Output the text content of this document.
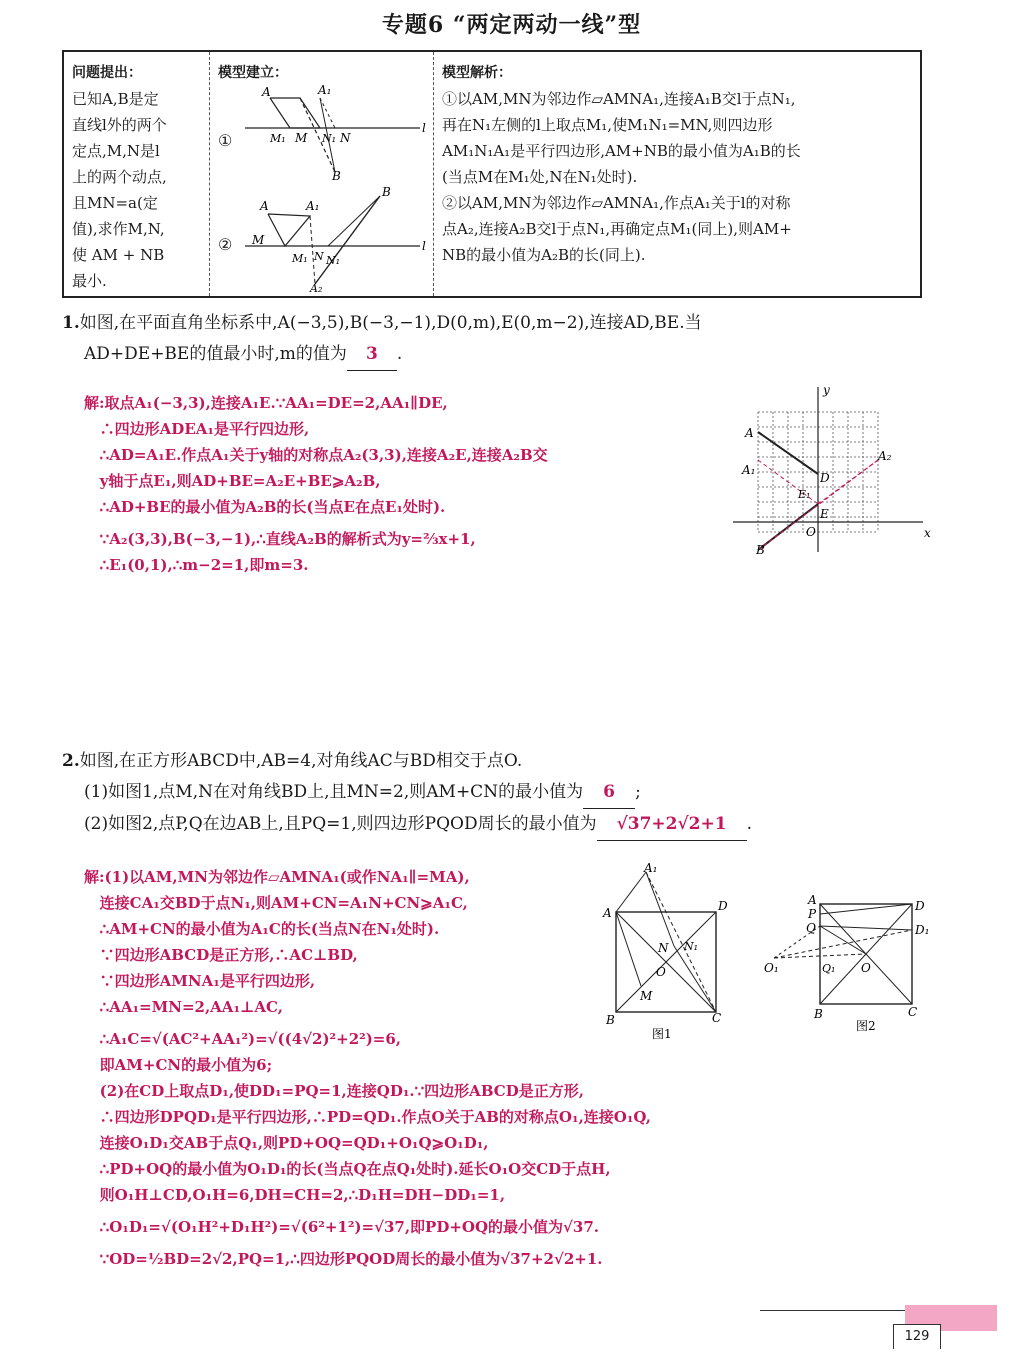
专题6 “两定两动一线”型
问题提出：
已知A,B是定
直线l外的两个
定点,M,N是l
上的两个动点,
且MN=a(定
值),求作M,N,
使 AM + NB
最小.
模型建立：
①
②
A	A₁
M₁ M N₁ N
l
B
A	A₁
B
M
M₁ N N₁
l
A₂
模型解析：
①以AM,MN为邻边作▱AMNA₁,连接A₁B交l于点N₁,
再在N₁左侧的l上取点M₁,使M₁N₁=MN,则四边形
AM₁N₁A₁是平行四边形,AM+NB的最小值为A₁B的长
(当点M在M₁处,N在N₁处时).
②以AM,MN为邻边作▱AMNA₁,作点A₁关于l的对称
点A₂,连接A₂B交l于点N₁,再确定点M₁(同上),则AM+
NB的最小值为A₂B的长(同上).
1.如图,在平面直角坐标系中,A(−3,5),B(−3,−1),D(0,m),E(0,m−2),连接AD,BE.当
AD+DE+BE的值最小时,m的值为 3 .
解:取点A₁(−3,3),连接A₁E.∵AA₁=DE=2,AA₁∥DE,
∴四边形ADEA₁是平行四边形,
∴AD=A₁E.作点A₁关于y轴的对称点A₂(3,3),连接A₂E,连接A₂B交
y轴于点E₁,则AD+BE=A₂E+BE⩾A₂B,
∴AD+BE的最小值为A₂B的长(当点E在点E₁处时).
∵A₂(3,3),B(−3,−1),∴直线A₂B的解析式为y=⅔x+1,
∴E₁(0,1),∴m−2=1,即m=3.
y
A
A₁
D
A₂
E₁
E
O	x
B
2.如图,在正方形ABCD中,AB=4,对角线AC与BD相交于点O.
(1)如图1,点M,N在对角线BD上,且MN=2,则AM+CN的最小值为 6 ;
(2)如图2,点P,Q在边AB上,且PQ=1,则四边形PQOD周长的最小值为 √37+2√2+1 .
解:(1)以AM,MN为邻边作▱AMNA₁(或作NA₁∥=MA),
连接CA₁交BD于点N₁,则AM+CN=A₁N+CN⩾A₁C,
∴AM+CN的最小值为A₁C的长(当点N在N₁处时).
∵四边形ABCD是正方形,∴AC⊥BD,
∵四边形AMNA₁是平行四边形,
∴AA₁=MN=2,AA₁⊥AC,
∴A₁C=√(AC²+AA₁²)=√((4√2)²+2²)=6,
即AM+CN的最小值为6;
(2)在CD上取点D₁,使DD₁=PQ=1,连接QD₁.∵四边形ABCD是正方形,
∴四边形DPQD₁是平行四边形,∴PD=QD₁.作点O关于AB的对称点O₁,连接O₁Q,
连接O₁D₁交AB于点Q₁,则PD+OQ=QD₁+O₁Q⩾O₁D₁,
∴PD+OQ的最小值为O₁D₁的长(当点Q在点Q₁处时).延长O₁O交CD于点H,
则O₁H⊥CD,O₁H=6,DH=CH=2,∴D₁H=DH−DD₁=1,
∴O₁D₁=√(O₁H²+D₁H²)=√(6²+1²)=√37,即PD+OQ的最小值为√37.
∵OD=½BD=2√2,PQ=1,∴四边形PQOD周长的最小值为√37+2√2+1.
A₁
A	D
N₁
N
M
O
B	C
图1
A	D
P
Q	D₁
O₁	Q₁ O
B	C
图2
129
